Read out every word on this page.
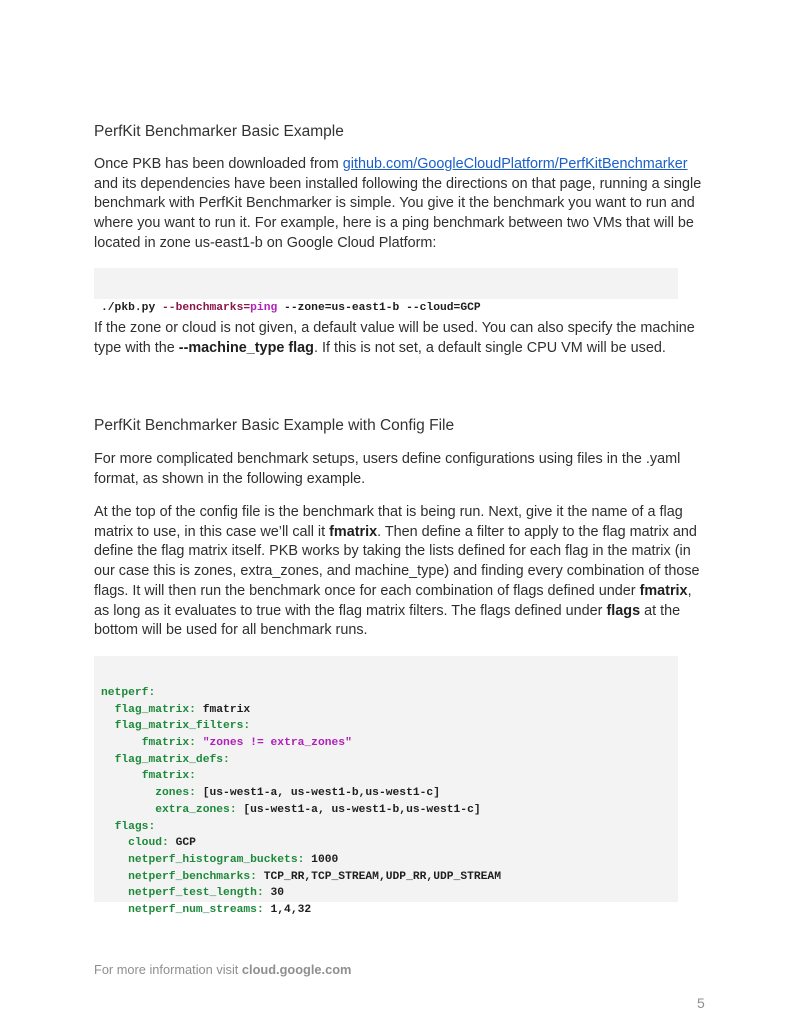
PerfKit Benchmarker Basic Example
Once PKB has been downloaded from github.com/GoogleCloudPlatform/PerfKitBenchmarker and its dependencies have been installed following the directions on that page, running a single benchmark with PerfKit Benchmarker is simple. You give it the benchmark you want to run and where you want to run it. For example, here is a ping benchmark between two VMs that will be located in zone us-east1-b on Google Cloud Platform:

./pkb.py --benchmarks=ping --zone=us-east1-b --cloud=GCP

If the zone or cloud is not given, a default value will be used. You can also specify the machine type with the --machine_type flag. If this is not set, a default single CPU VM will be used.
PerfKit Benchmarker Basic Example with Config File
For more complicated benchmark setups, users define configurations using files in the .yaml format, as shown in the following example.
At the top of the config file is the benchmark that is being run. Next, give it the name of a flag matrix to use, in this case we’ll call it fmatrix. Then define a filter to apply to the flag matrix and define the flag matrix itself. PKB works by taking the lists defined for each flag in the matrix (in our case this is zones, extra_zones, and machine_type) and finding every combination of those flags. It will then run the benchmark once for each combination of flags defined under fmatrix, as long as it evaluates to true with the flag matrix filters. The flags defined under flags at the bottom will be used for all benchmark runs.

netperf:
flag_matrix: fmatrix
flag_matrix_filters:
fmatrix: "zones != extra_zones"
flag_matrix_defs:
fmatrix:
zones: [us-west1-a, us-west1-b,us-west1-c]
extra_zones: [us-west1-a, us-west1-b,us-west1-c]
flags:
cloud: GCP
netperf_histogram_buckets: 1000
netperf_benchmarks: TCP_RR,TCP_STREAM,UDP_RR,UDP_STREAM
netperf_test_length: 30
netperf_num_streams: 1,4,32

For more information visit cloud.google.com
5
